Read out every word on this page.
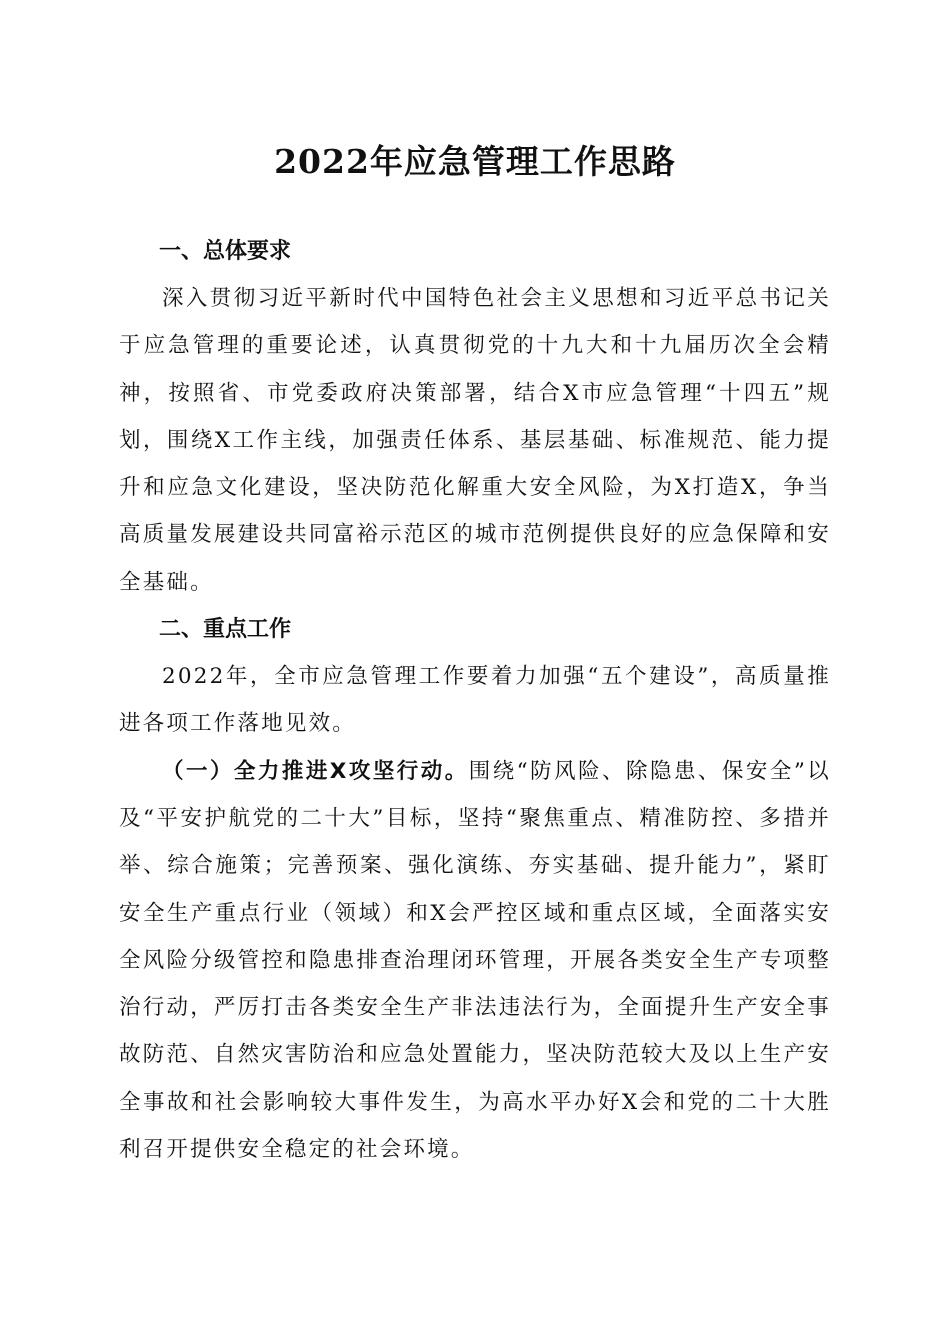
2022年应急管理工作思路

一、总体要求

深入贯彻习近平新时代中国特色社会主义思想和习近平总书记关于应急管理的重要论述，认真贯彻党的十九大和十九届历次全会精神，按照省、市党委政府决策部署，结合X市应急管理“十四五”规划，围绕X工作主线，加强责任体系、基层基础、标准规范、能力提升和应急文化建设，坚决防范化解重大安全风险，为X打造X，争当高质量发展建设共同富裕示范区的城市范例提供良好的应急保障和安全基础。

二、重点工作

2022年，全市应急管理工作要着力加强“五个建设”，高质量推进各项工作落地见效。

（一）全力推进X攻坚行动。围绕“防风险、除隐患、保安全”以及“平安护航党的二十大”目标，坚持“聚焦重点、精准防控、多措并举、综合施策；完善预案、强化演练、夯实基础、提升能力”，紧盯安全生产重点行业（领域）和X会严控区域和重点区域，全面落实安全风险分级管控和隐患排查治理闭环管理，开展各类安全生产专项整治行动，严厉打击各类安全生产非法违法行为，全面提升生产安全事故防范、自然灾害防治和应急处置能力，坚决防范较大及以上生产安全事故和社会影响较大事件发生，为高水平办好X会和党的二十大胜利召开提供安全稳定的社会环境。
